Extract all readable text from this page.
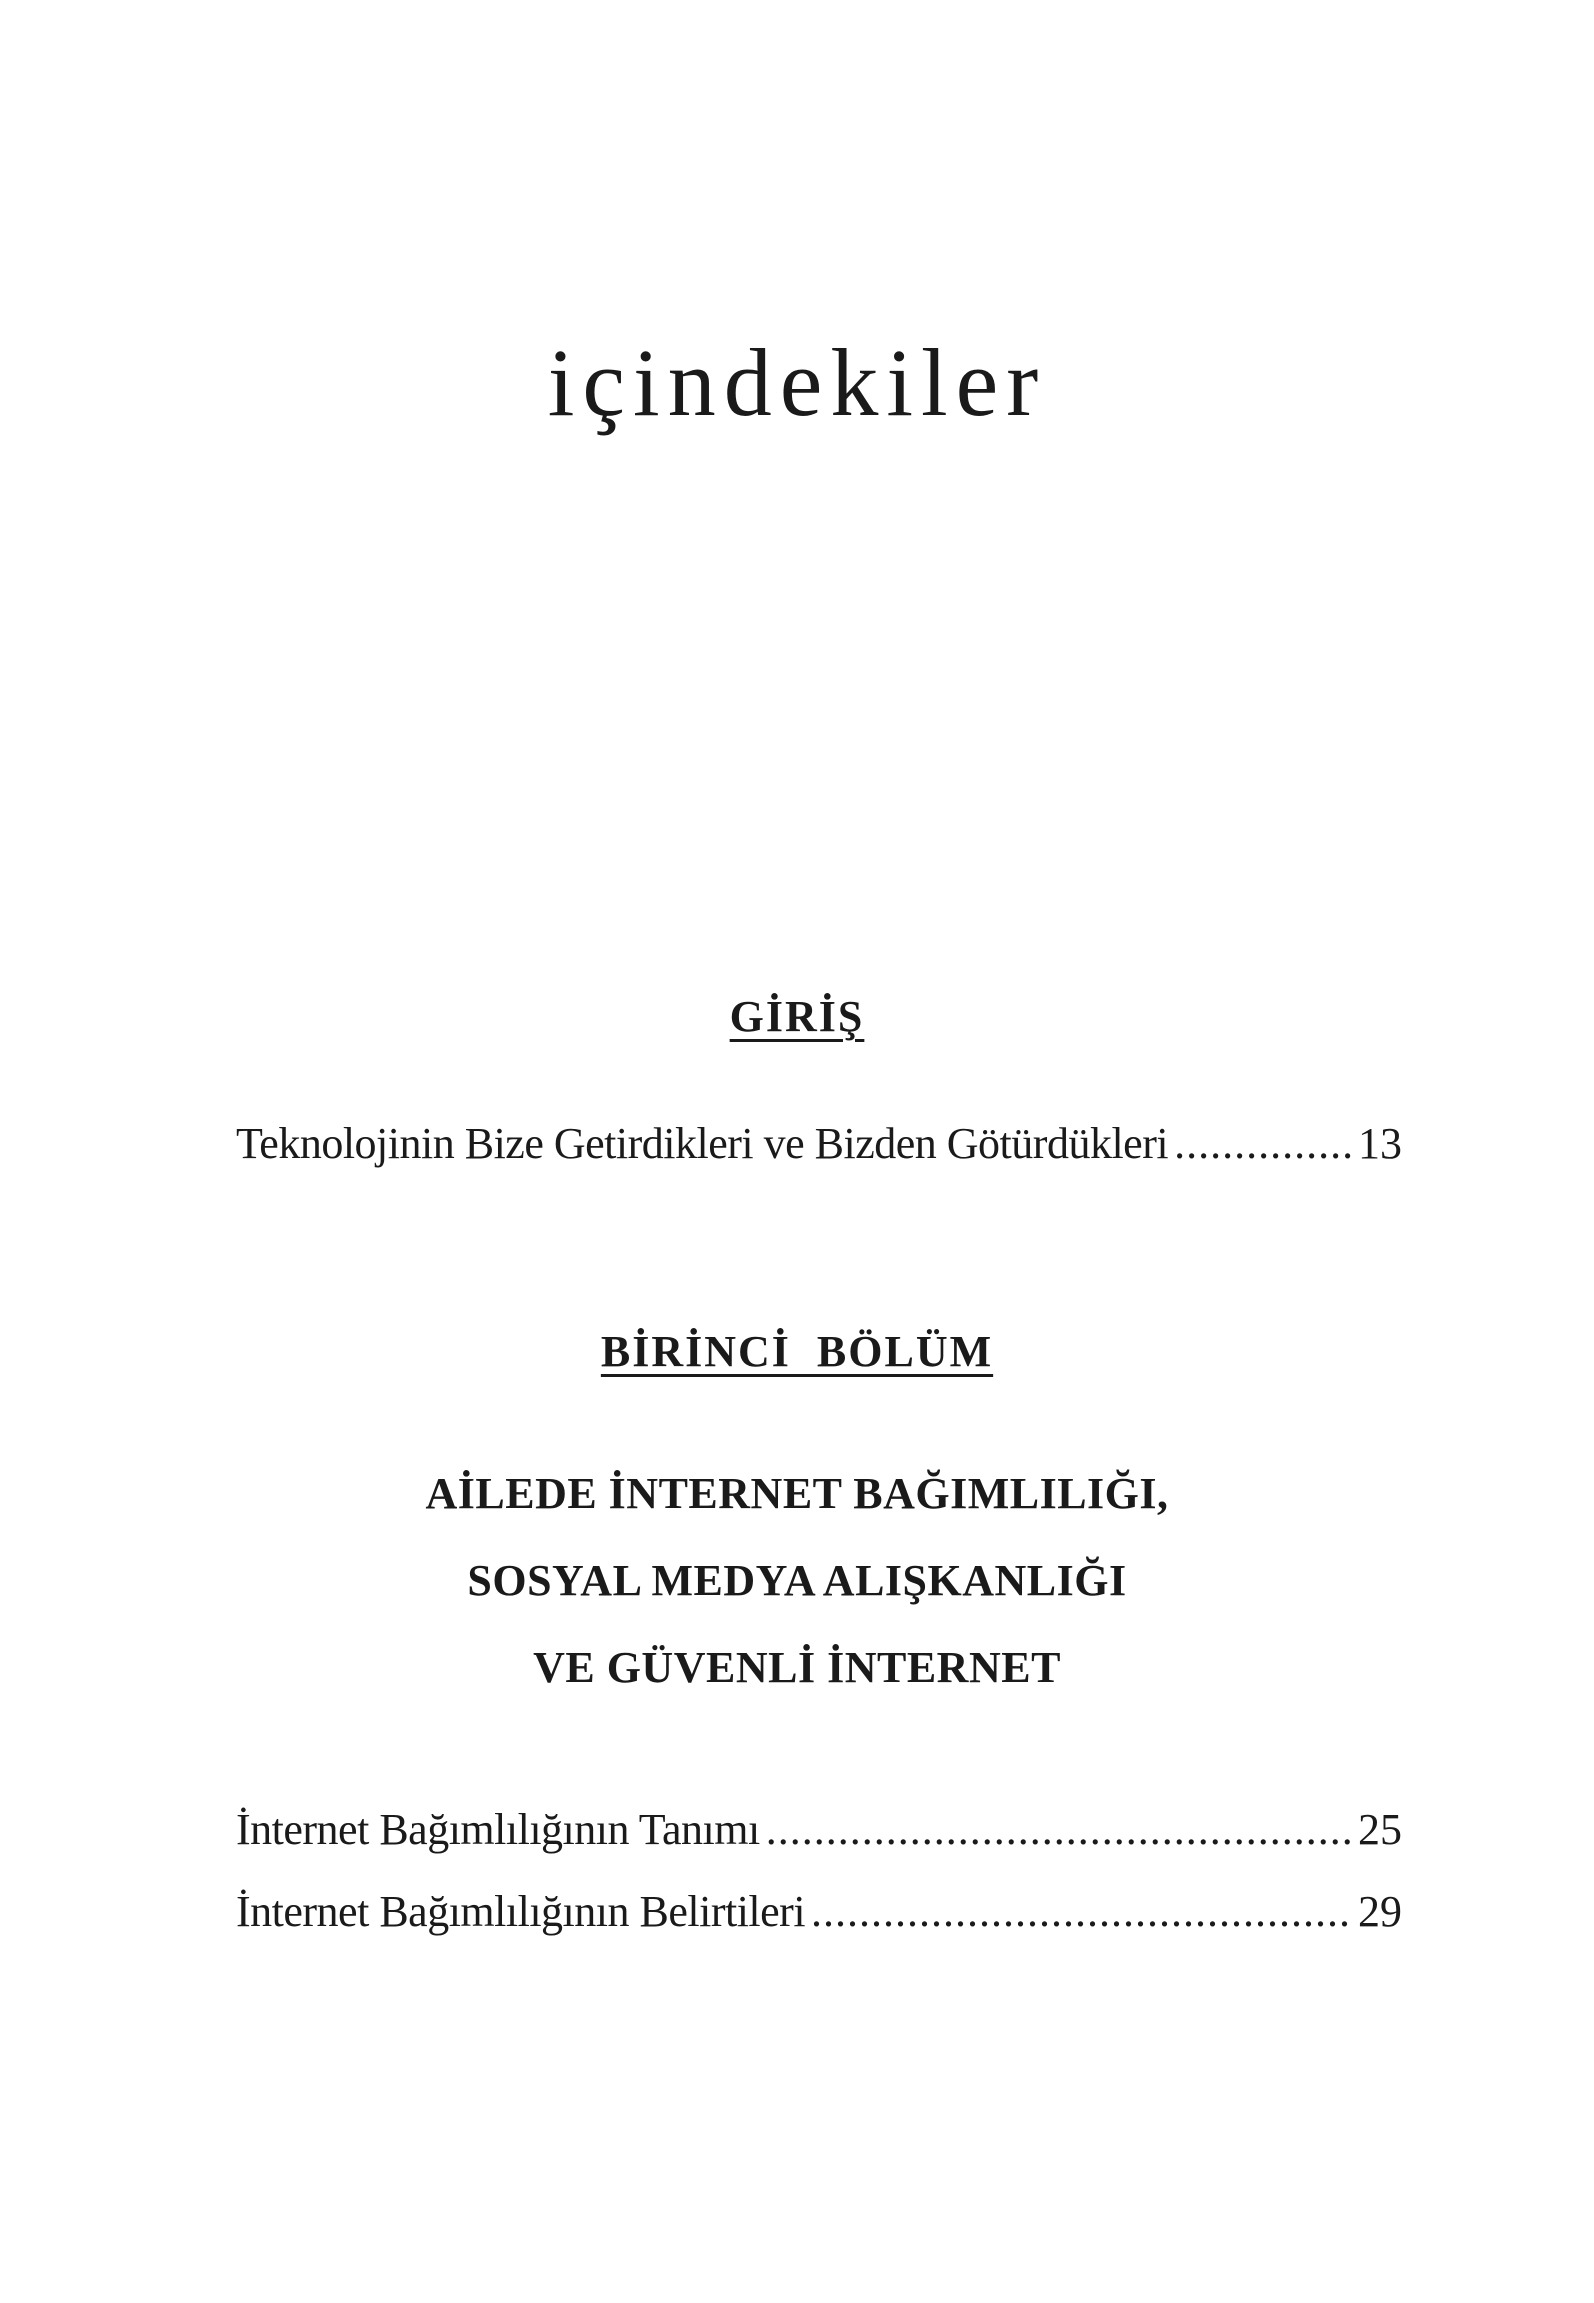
içindekiler
GİRİŞ
Teknolojinin Bize Getirdikleri ve Bizden Götürdükleri .....	13
BİRİNCİ  BÖLÜM
AİLEDE İNTERNET BAĞIMLILIĞI,
SOSYAL MEDYA ALIŞKANLIĞI
VE GÜVENLİ İNTERNET
İnternet Bağımlılığının Tanımı .....	25
İnternet Bağımlılığının Belirtileri .....	29
